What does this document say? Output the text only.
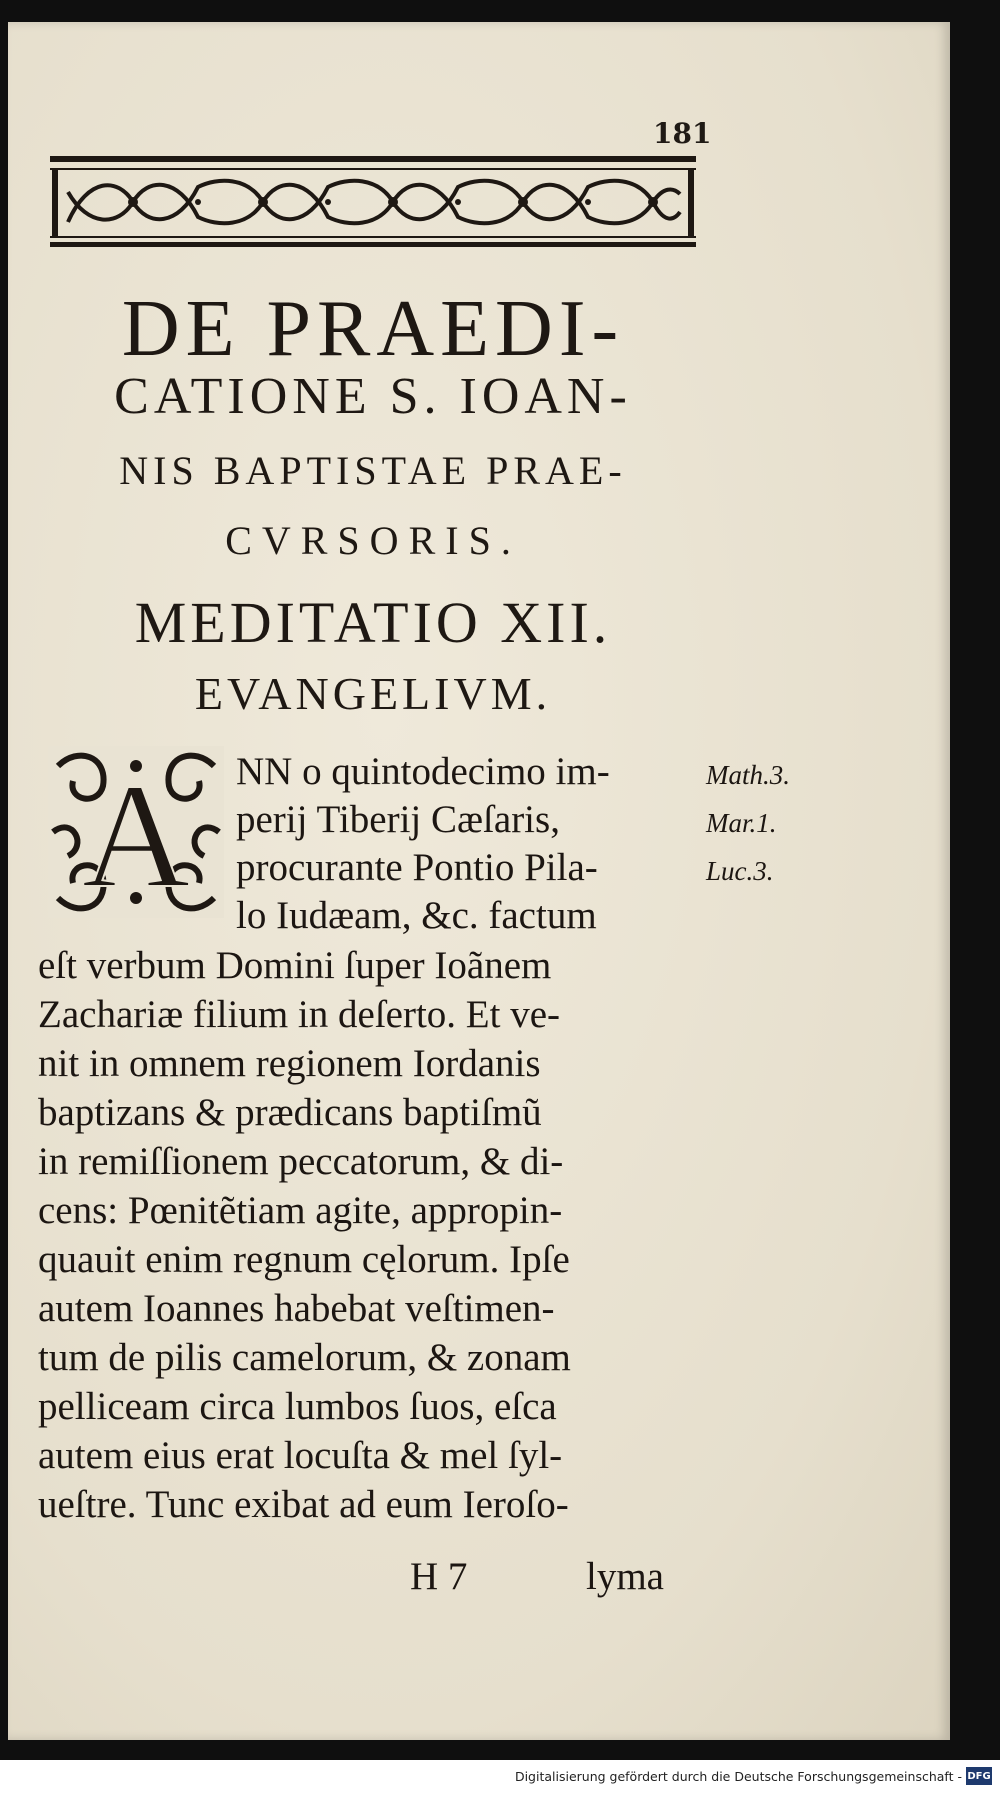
181
DE PRAEDI-
CATIONE S. IOAN-
NIS BAPTISTAE PRAE-
CVRSORIS.
MEDITATIO XII.
EVANGELIVM.
A NN o quintodecimo im-
perij Tiberij Cæſaris,
procurante Pontio Pila-
lo Iudæam, &c. factum
eſt verbum Domini ſuper Ioãnem
Zachariæ filium in deſerto. Et ve-
nit in omnem regionem Iordanis
baptizans & prædicans baptiſmũ
in remiſſionem peccatorum, & di-
cens: Pœnitẽtiam agite, appropin-
quauit enim regnum cęlorum. Ipſe
autem Ioannes habebat veſtimen-
tum de pilis camelorum, & zonam
pelliceam circa lumbos ſuos, eſca
autem eius erat locuſta & mel ſyl-
ueſtre. Tunc exibat ad eum Ieroſo-
Math.3.
Mar.1.
Luc.3.
H 7	lyma
Digitalisierung gefördert durch die Deutsche Forschungsgemeinschaft - DFG
